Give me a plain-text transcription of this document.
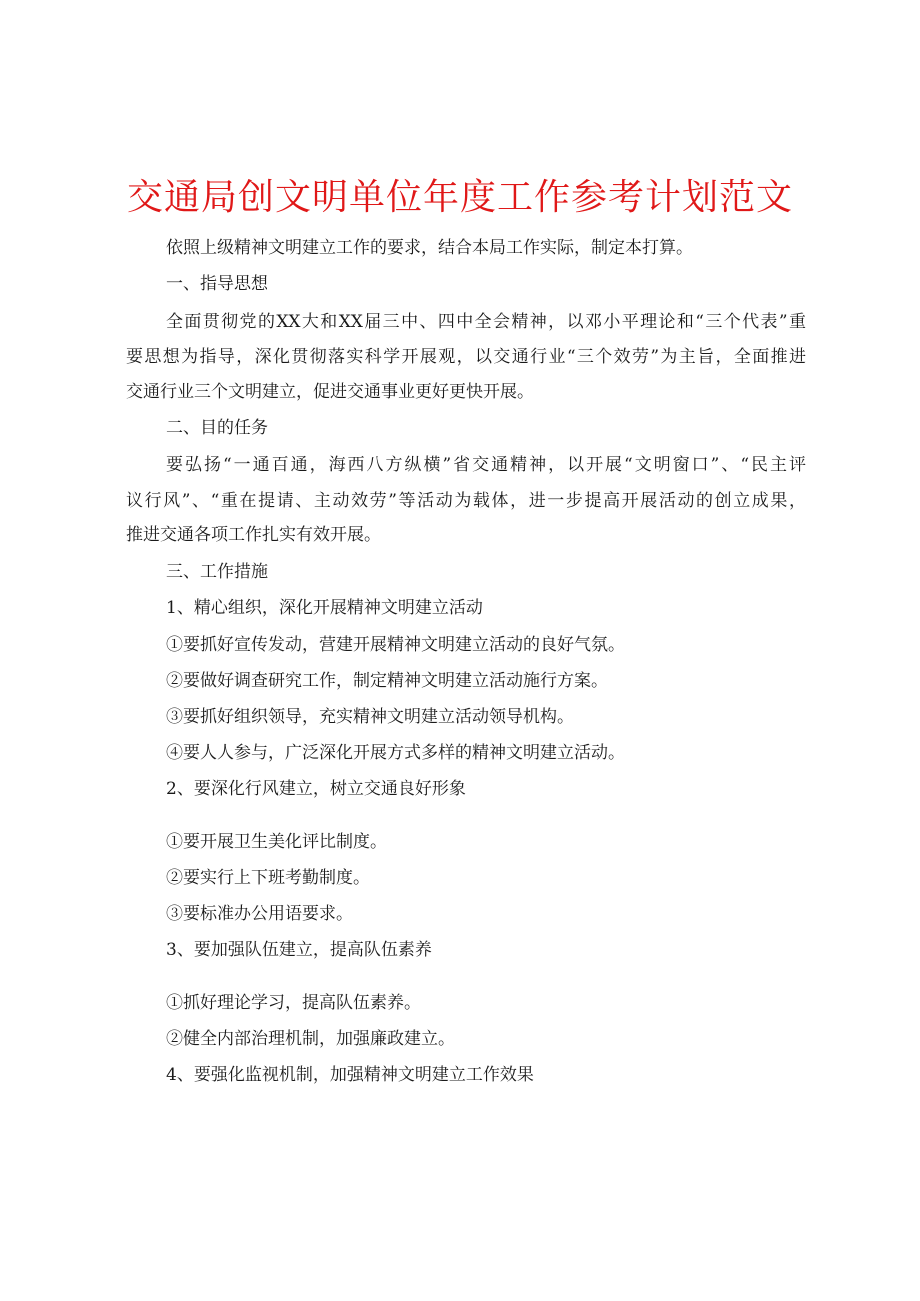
交通局创文明单位年度工作参考计划范文
依照上级精神文明建立工作的要求，结合本局工作实际，制定本打算。
一、指导思想
全面贯彻党的XX大和XX届三中、四中全会精神，以邓小平理论和“三个代表”重
要思想为指导，深化贯彻落实科学开展观，以交通行业“三个效劳”为主旨，全面推进
交通行业三个文明建立，促进交通事业更好更快开展。
二、目的任务
要弘扬“一通百通，海西八方纵横”省交通精神，以开展“文明窗口”、“民主评
议行风”、“重在提请、主动效劳”等活动为载体，进一步提高开展活动的创立成果，
推进交通各项工作扎实有效开展。
三、工作措施
1、精心组织，深化开展精神文明建立活动
①要抓好宣传发动，营建开展精神文明建立活动的良好气氛。
②要做好调查研究工作，制定精神文明建立活动施行方案。
③要抓好组织领导，充实精神文明建立活动领导机构。
④要人人参与，广泛深化开展方式多样的精神文明建立活动。
2、要深化行风建立，树立交通良好形象
①要开展卫生美化评比制度。
②要实行上下班考勤制度。
③要标准办公用语要求。
3、要加强队伍建立，提高队伍素养
①抓好理论学习，提高队伍素养。
②健全内部治理机制，加强廉政建立。
4、要强化监视机制，加强精神文明建立工作效果
